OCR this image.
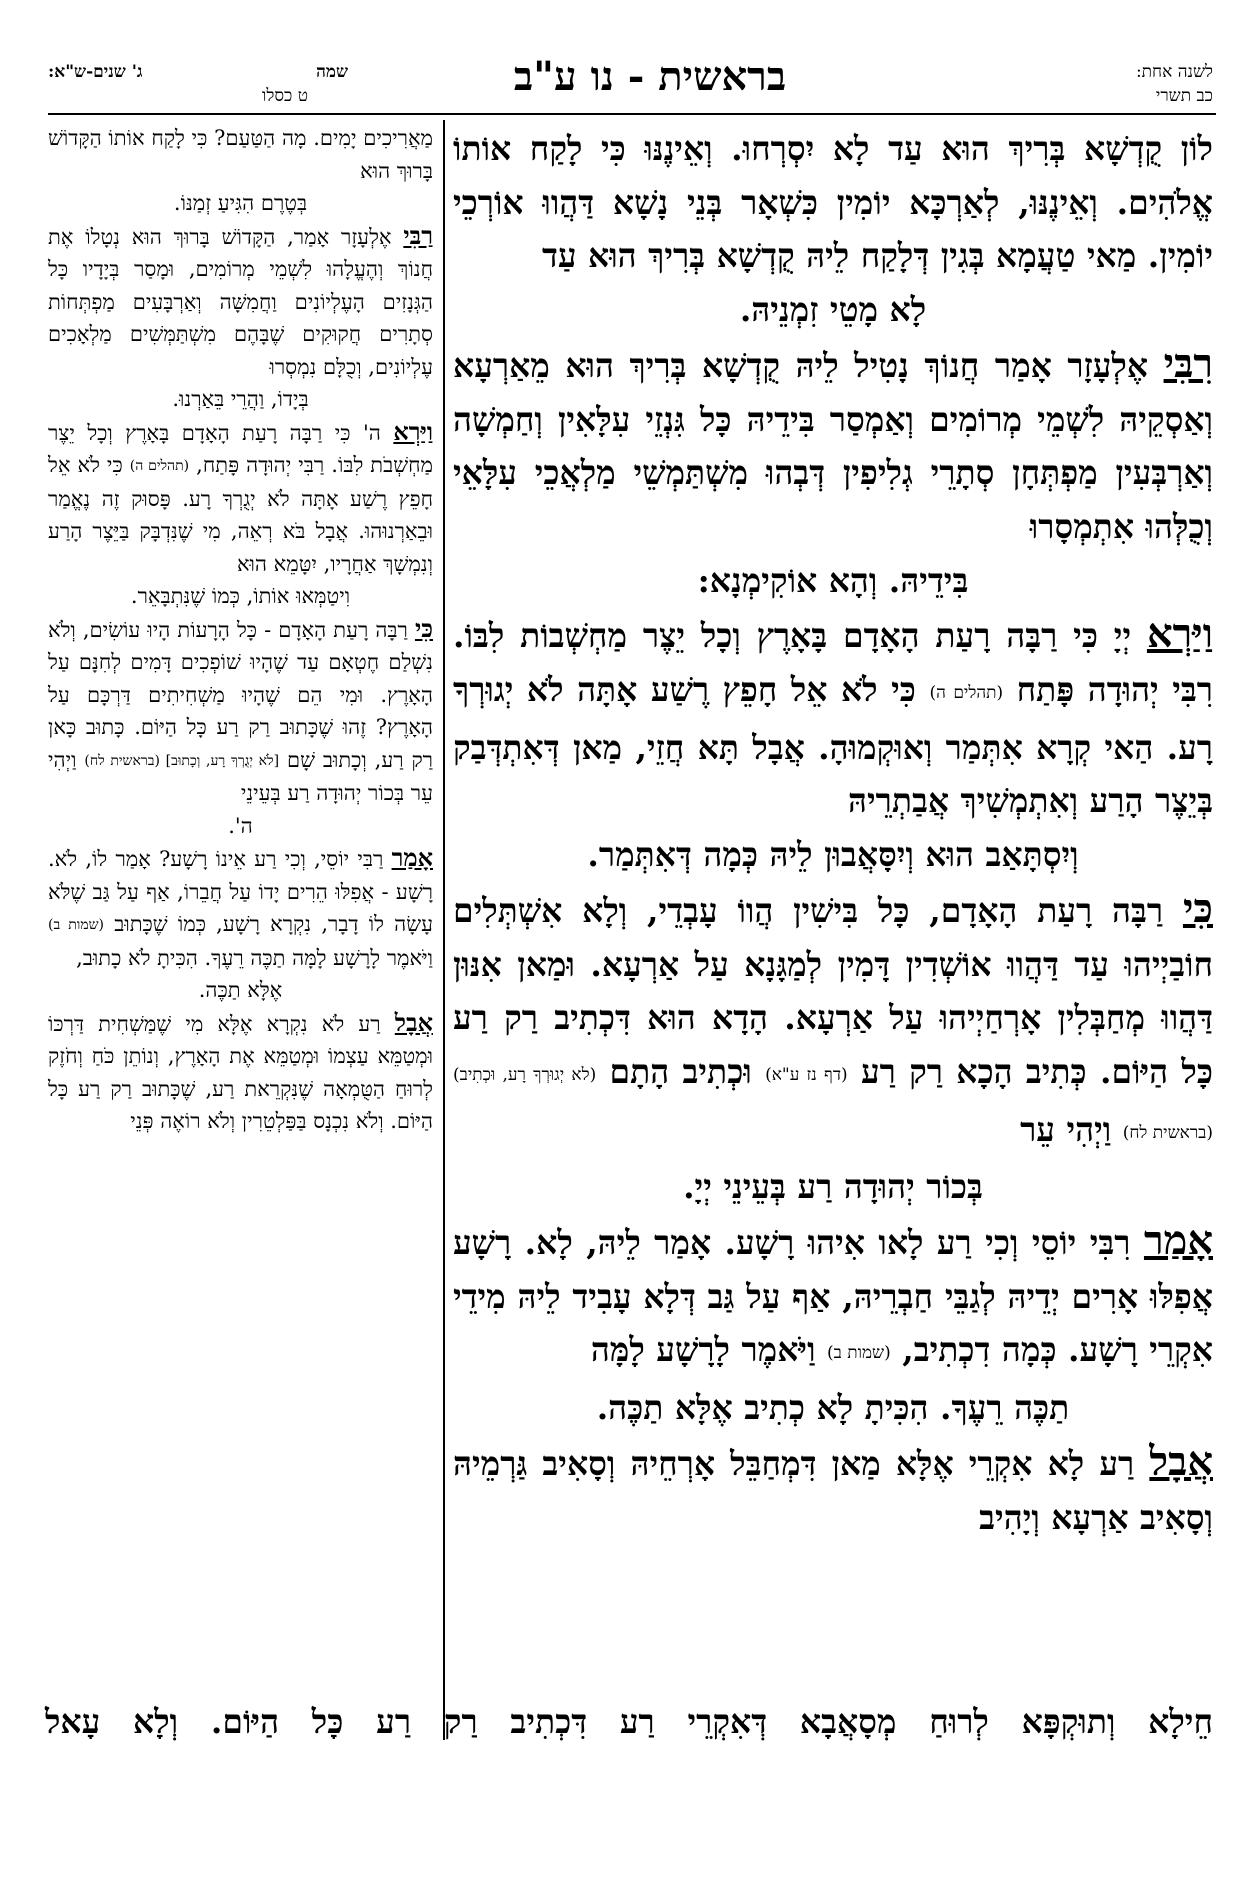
שמה
ג' שנים-ש"א:
ט כסלו	בראשית - נו ע"ב	לשנה אחת:
כב תשרי

לוֹן קֻדְשָׁא בְּרִיךְ הוּא עַד לָא יִסְרְחוּ. וְאֵינֶנּוּ כִּי לָקַח אוֹתוֹ אֱלֹהִים. וְאֵינֶנּוּ, לְאַרְכָּא יוֹמִין כִּשְׁאָר בְּנֵי נָשָׁא דַּהֲווּ אוֹרְכֵי יוֹמִין. מַאי טַעֲמָא בְּגִין דְּלָקַח לֵיהּ קֻדְשָׁא בְּרִיךְ הוּא עַד

לָא מָטֵי זִמְנֵיהּ.

רִבִּי אֶלְעָזָר אָמַר חֲנוֹךְ נָטִיל לֵיהּ קֻדְשָׁא בְּרִיךְ הוּא מֵאַרְעָא וְאַסְקֵיהּ לִשְׁמֵי מְרוֹמִים וְאַמְסַר בִּידֵיהּ כָּל גִּנְזֵי עִלָּאִין וְחַמְשָׁה וְאַרְבְּעִין מַפְתְּחָן סְתָרֵי גְלִיפִין דְּבְהוּ מִשְׁתַּמְשֵׁי מַלְאֲכֵי עִלָּאֵי וְכֻלְּהוּ אִתְמְסָרוּ

בִּידֵיהּ. וְהָא אוֹקִימְנָא:

וַיַּרְא יְיָ כִּי רַבָּה רָעַת הָאָדָם בָּאָרֶץ וְכָל יֵצֶר מַחְשְׁבוֹת לִבּוֹ. רִבִּי יְהוּדָה פָּתַח (תהלים ה) כִּי לֹא אֵל חָפֵץ רֶשַׁע אָתָּה לֹא יְגוּרְךָ רָע. הַאי קְרָא אִתְּמַר וְאוּקְמוּהָ. אֲבָל תָּא חֲזֵי, מַאן דְּאִתְדְּבַק בְּיֵצֶר הָרַע וְאִתְמְשִׁיךְ אֲבַתְרֵיהּ

וְיִסְתָּאַב הוּא וְיִסָּאֲבוּן לֵיהּ כְּמָה דְּאִתְּמַר.

כִּי רַבָּה רָעַת הָאָדָם, כָּל בִּישִׁין הֲווֹ עָבְדֵי, וְלָא אִשְׁתְּלִים חוֹבַיְיהוּ עַד דַּהֲווּ אוֹשְׁדִין דָּמִין לְמַגָּנָא עַל אַרְעָא. וּמַאן אִנּוּן דַּהֲווּ מְחַבְּלִין אָרְחַיְיהוּ עַל אַרְעָא. הָדָא הוּא דִּכְתִיב רַק רַע כָּל הַיּוֹם. כְּתִיב הָכָא רַק רַע (דף נז ע"א) וּכְתִיב הָתָם (לא יְגוּרְךָ רָע, וּכְתִיב) (בראשית לח) וַיְהִי עֵר

בְּכוֹר יְהוּדָה רַע בְּעֵינֵי יְיָ.

אָמַר רִבִּי יוֹסֵי וְכִי רַע לָאו אִיהוּ רָשָׁע. אָמַר לֵיהּ, לָא. רָשָׁע אֲפִלּוּ אָרִים יְדֵיהּ לְגַבֵּי חַבְרֵיהּ, אַף עַל גַּב דְּלָא עָבִיד לֵיהּ מִידֵי אִקְרֵי רָשָׁע. כְּמָה דִכְתִיב, (שמות ב) וַיֹּאמֶר לָרָשָׁע לָמָּה

תַכֶּה רֵעֶךָ. הִכִּיתָ לָא כְתִיב אֶלָּא תַכֶּה.

אֲבָל רַע לָא אִקְרֵי אֶלָּא מַאן דִּמְחַבֵּל אָרְחֵיהּ וְסָאִיב גַּרְמֵיהּ וְסָאִיב אַרְעָא וְיָהִיב

חֵילָא וְתוּקְפָּא לְרוּחַ מְסָאֲבָא דְּאִקְרֵי רַע דִּכְתִיב רַק רַע כָּל הַיּוֹם. וְלָא עָאל

מַאֲרִיכִים יָמִים. מָה הַטַּעַם? כִּי לָקַח אוֹתוֹ הַקָּדוֹשׁ בָּרוּךְ הוּא

בְּטֶרֶם הִגִּיעַ זְמַנּוֹ.

רַבִּי אֶלְעָזָר אָמַר, הַקָּדוֹשׁ בָּרוּךְ הוּא נְטָלוֹ אֶת חֲנוֹךְ וְהֶעֱלָהוּ לִשְׁמֵי מְרוֹמִים, וּמָסַר בְּיָדָיו כָּל הַגְּנָזִים הָעֶלְיוֹנִים וַחֲמִשָּׁה וְאַרְבָּעִים מַפְתְּחוֹת סְתָרִים חֲקוּקִים שֶׁבָּהֶם מִשְׁתַּמְּשִׁים מַלְאָכִים עֶלְיוֹנִים, וְכֻלָּם נִמְסְרוּ

בְּיָדוֹ, וַהֲרֵי בֵּאַרְנוּ.

וַיַּרְא ה' כִּי רַבָּה רָעַת הָאָדָם בָּאָרֶץ וְכָל יֵצֶר מַחְשְׁבֹת לִבּוֹ. רַבִּי יְהוּדָה פָּתַח, (תהלים ה) כִּי לֹא אֵל חָפֵץ רֶשַׁע אָתָּה לֹא יְגֻרְךָ רָע. פָּסוּק זֶה נֶאֱמַר וּבֵאַרְנוּהוּ. אֲבָל בֹּא רְאֵה, מִי שֶׁנִּדְבָּק בַּיֵּצֶר הָרַע וְנִמְשָׁךְ אַחֲרָיו, יִטָּמֵא הוּא

וִיטַמְּאוּ אוֹתוֹ, כְּמוֹ שֶׁנִּתְבָּאֵר.

כִּי רַבָּה רָעַת הָאָדָם - כָּל הָרָעוֹת הָיוּ עוֹשִׂים, וְלֹא נִשְׁלַם חֶטְאָם עַד שֶׁהָיוּ שׁוֹפְכִים דָּמִים לְחִנָּם עַל הָאָרֶץ. וּמִי הֵם שֶׁהָיוּ מַשְׁחִיתִים דַּרְכָּם עַל הָאָרֶץ? זֶהוּ שֶׁכָּתוּב רַק רַע כָּל הַיּוֹם. כָּתוּב כָּאן רַק רַע, וְכָתוּב שָׁם [לֹא יְגֻרְךָ רָע, וְכָתוּב] (בראשית לח) וַיְהִי עֵר בְּכוֹר יְהוּדָה רַע בְּעֵינֵי

ה'.

אָמַר רַבִּי יוֹסֵי, וְכִי רַע אֵינוֹ רָשָׁע? אָמַר לוֹ, לֹא. רָשָׁע - אֲפִלּוּ הֵרִים יָדוֹ עַל חֲבֵרוֹ, אַף עַל גַּב שֶׁלֹּא עָשָׂה לוֹ דָבָר, נִקְרָא רָשָׁע, כְּמוֹ שֶׁכָּתוּב (שמות ב) וַיֹּאמֶר לָרָשָׁע לָמָּה תַכֶּה רֵעֶךָ. הִכִּיתָ לֹא כָתוּב,

אֶלָּא תַכֶּה.

אֲבָל רַע לֹא נִקְרָא אֶלָּא מִי שֶׁמַּשְׁחִית דַּרְכּוֹ וּמְטַמֵּא עַצְמוֹ וּמְטַמֵּא אֶת הָאָרֶץ, וְנוֹתֵן כֹּחַ וְחֹזֶק לְרוּחַ הַטֻּמְאָה שֶׁנִּקְרֵאת רַע, שֶׁכָּתוּב רַק רַע כָּל הַיּוֹם. וְלֹא נִכְנָס בַּפַּלְטֵרִין וְלֹא רוֹאֶה פְּנֵי
